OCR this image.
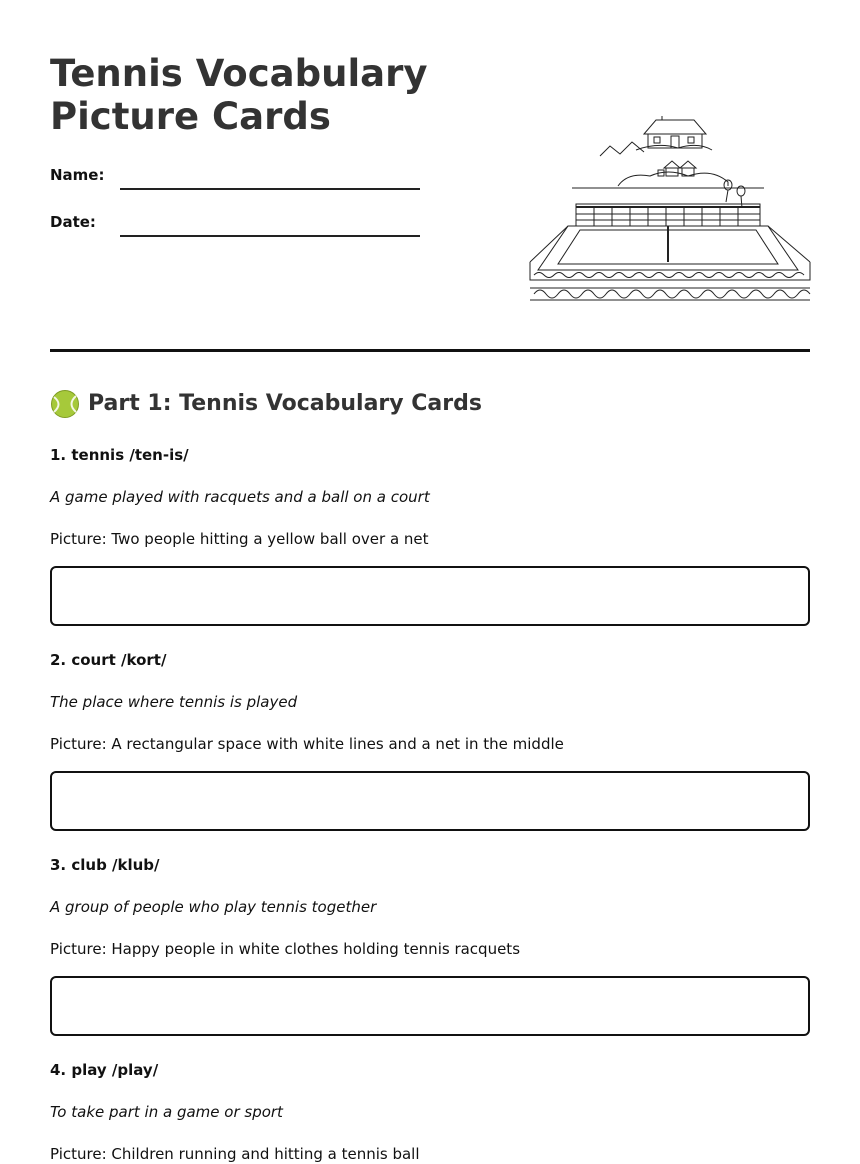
Tennis Vocabulary
Picture Cards
Name:
Date:
Part 1: Tennis Vocabulary Cards
1. tennis /ten-is/
A game played with racquets and a ball on a court
Picture: Two people hitting a yellow ball over a net
2. court /kort/
The place where tennis is played
Picture: A rectangular space with white lines and a net in the middle
3. club /klub/
A group of people who play tennis together
Picture: Happy people in white clothes holding tennis racquets
4. play /play/
To take part in a game or sport
Picture: Children running and hitting a tennis ball
